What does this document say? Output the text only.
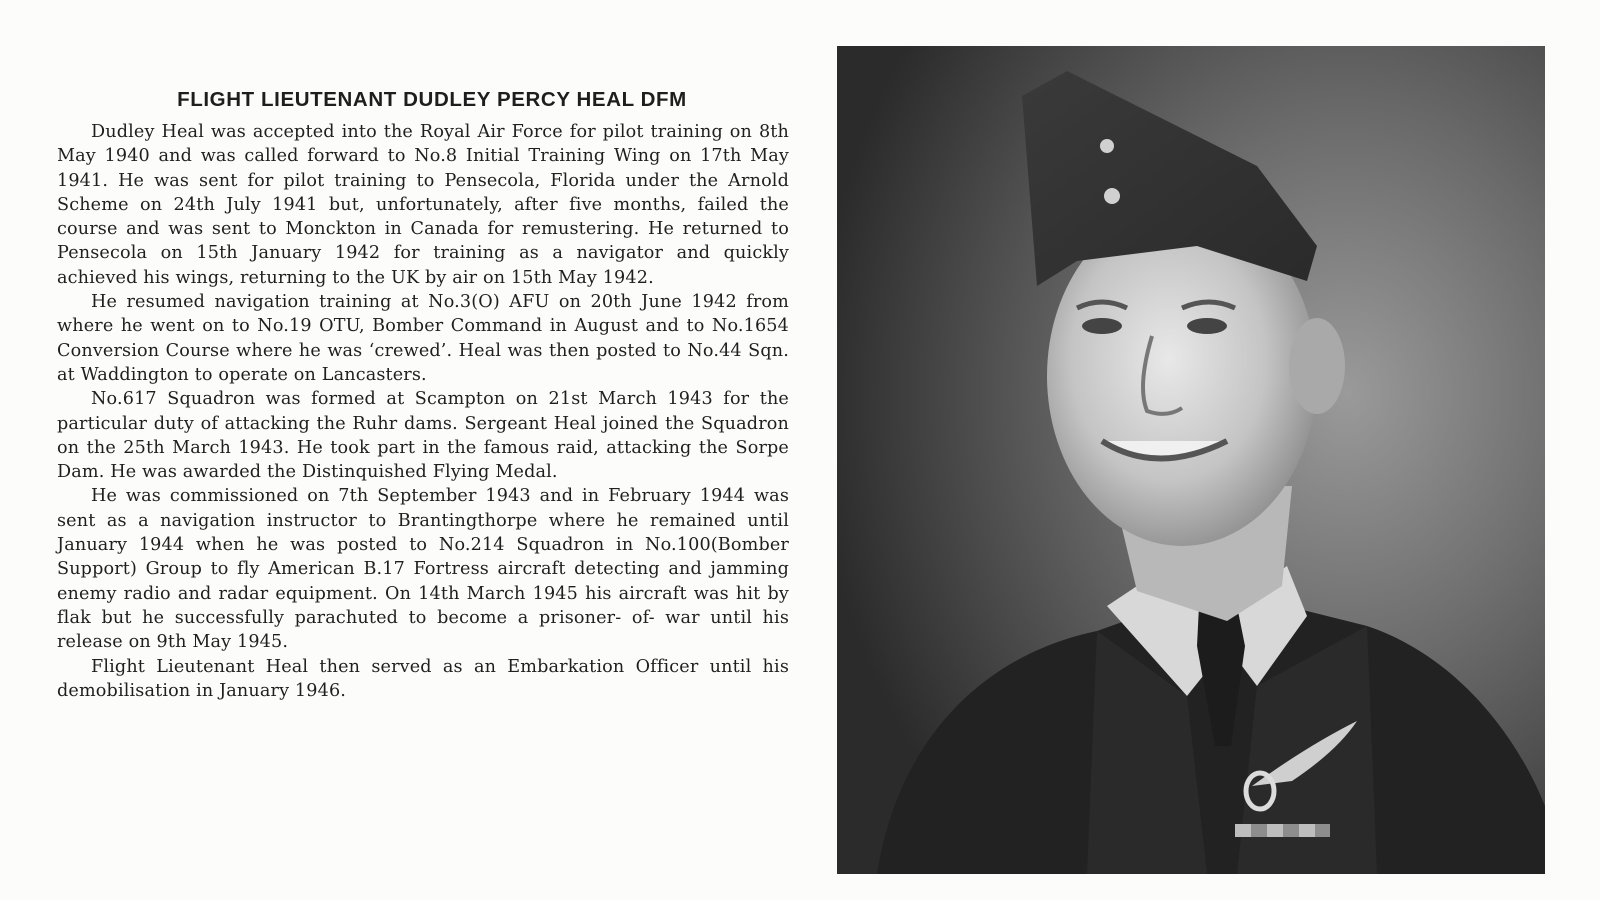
FLIGHT LIEUTENANT DUDLEY PERCY HEAL DFM

Dudley Heal was accepted into the Royal Air Force for pilot training on 8th May 1940 and was called forward to No.8 Initial Training Wing on 17th May 1941. He was sent for pilot training to Pensecola, Florida under the Arnold Scheme on 24th July 1941 but, unfortunately, after five months, failed the course and was sent to Monckton in Canada for remustering. He returned to Pensecola on 15th January 1942 for training as a navigator and quickly achieved his wings, returning to the UK by air on 15th May 1942.

He resumed navigation training at No.3(O) AFU on 20th June 1942 from where he went on to No.19 OTU, Bomber Command in August and to No.1654 Conversion Course where he was ‘crewed’. Heal was then posted to No.44 Sqn. at Waddington to operate on Lancasters.

No.617 Squadron was formed at Scampton on 21st March 1943 for the particular duty of attacking the Ruhr dams. Sergeant Heal joined the Squadron on the 25th March 1943. He took part in the famous raid, attacking the Sorpe Dam. He was awarded the Distinquished Flying Medal.

He was commissioned on 7th September 1943 and in February 1944 was sent as a navigation instructor to Brantingthorpe where he remained until January 1944 when he was posted to No.214 Squadron in No.100(Bomber Support) Group to fly American B.17 Fortress aircraft detecting and jamming enemy radio and radar equipment. On 14th March 1945 his aircraft was hit by flak but he successfully parachuted to become a prisoner- of- war until his release on 9th May 1945.

Flight Lieutenant Heal then served as an Embarkation Officer until his demobilisation in January 1946.
